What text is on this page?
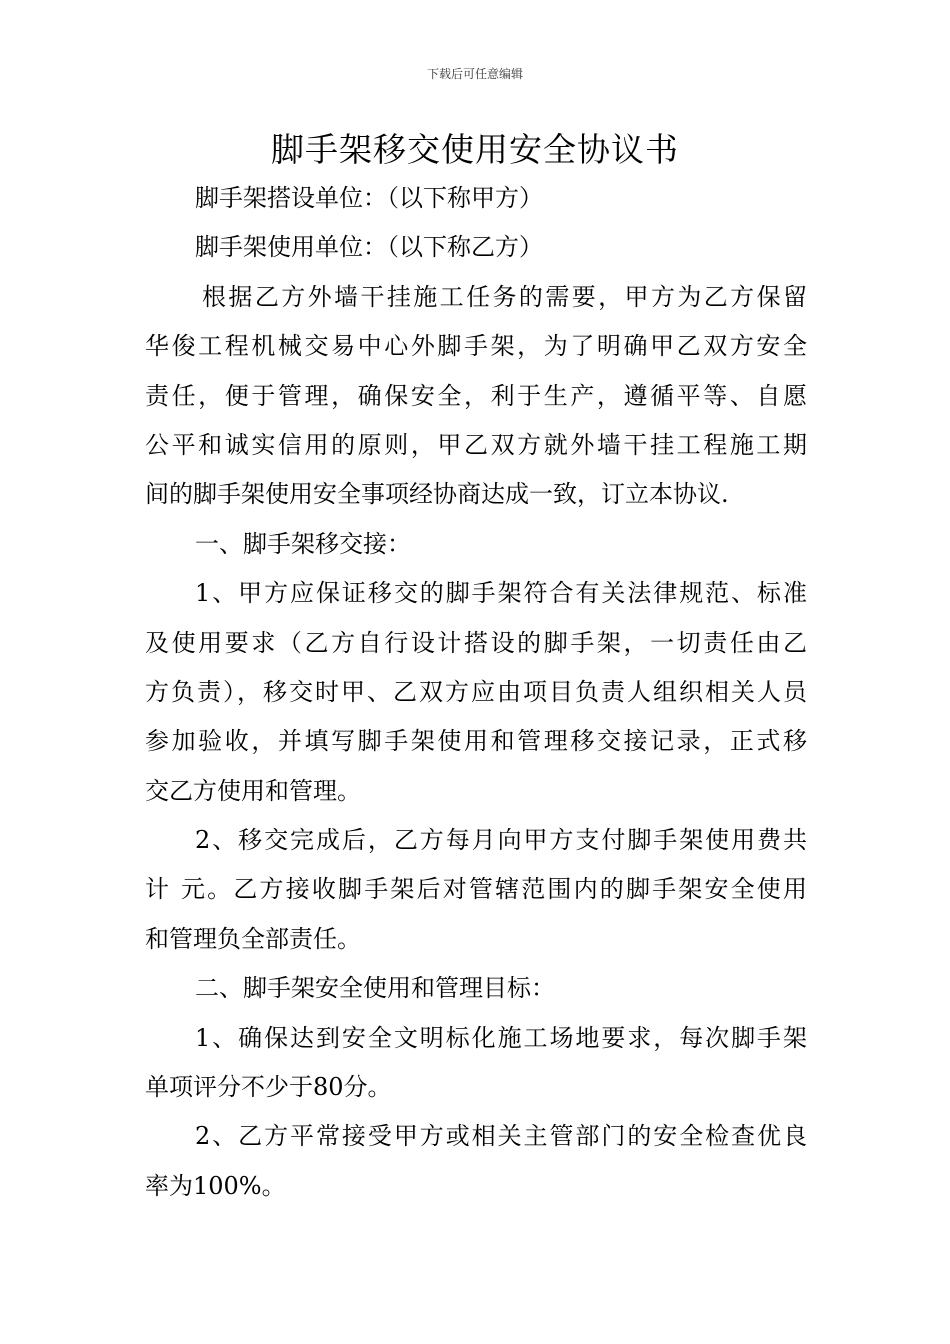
下载后可任意编辑
脚手架移交使用安全协议书
脚手架搭设单位：（以下称甲方）
脚手架使用单位：（以下称乙方）
根据乙方外墙干挂施工任务的需要，甲方为乙方保留
华俊工程机械交易中心外脚手架，为了明确甲乙双方安全
责任，便于管理，确保安全，利于生产，遵循平等、自愿
公平和诚实信用的原则，甲乙双方就外墙干挂工程施工期
间的脚手架使用安全事项经协商达成一致，订立本协议.
一、脚手架移交接：
1、甲方应保证移交的脚手架符合有关法律规范、标准
及使用要求（乙方自行设计搭设的脚手架，一切责任由乙
方负责），移交时甲、乙双方应由项目负责人组织相关人员
参加验收，并填写脚手架使用和管理移交接记录，正式移
交乙方使用和管理。
2、移交完成后，乙方每月向甲方支付脚手架使用费共
计 元。乙方接收脚手架后对管辖范围内的脚手架安全使用
和管理负全部责任。
二、脚手架安全使用和管理目标：
1、确保达到安全文明标化施工场地要求，每次脚手架
单项评分不少于80分。
2、乙方平常接受甲方或相关主管部门的安全检查优良
率为100%。
